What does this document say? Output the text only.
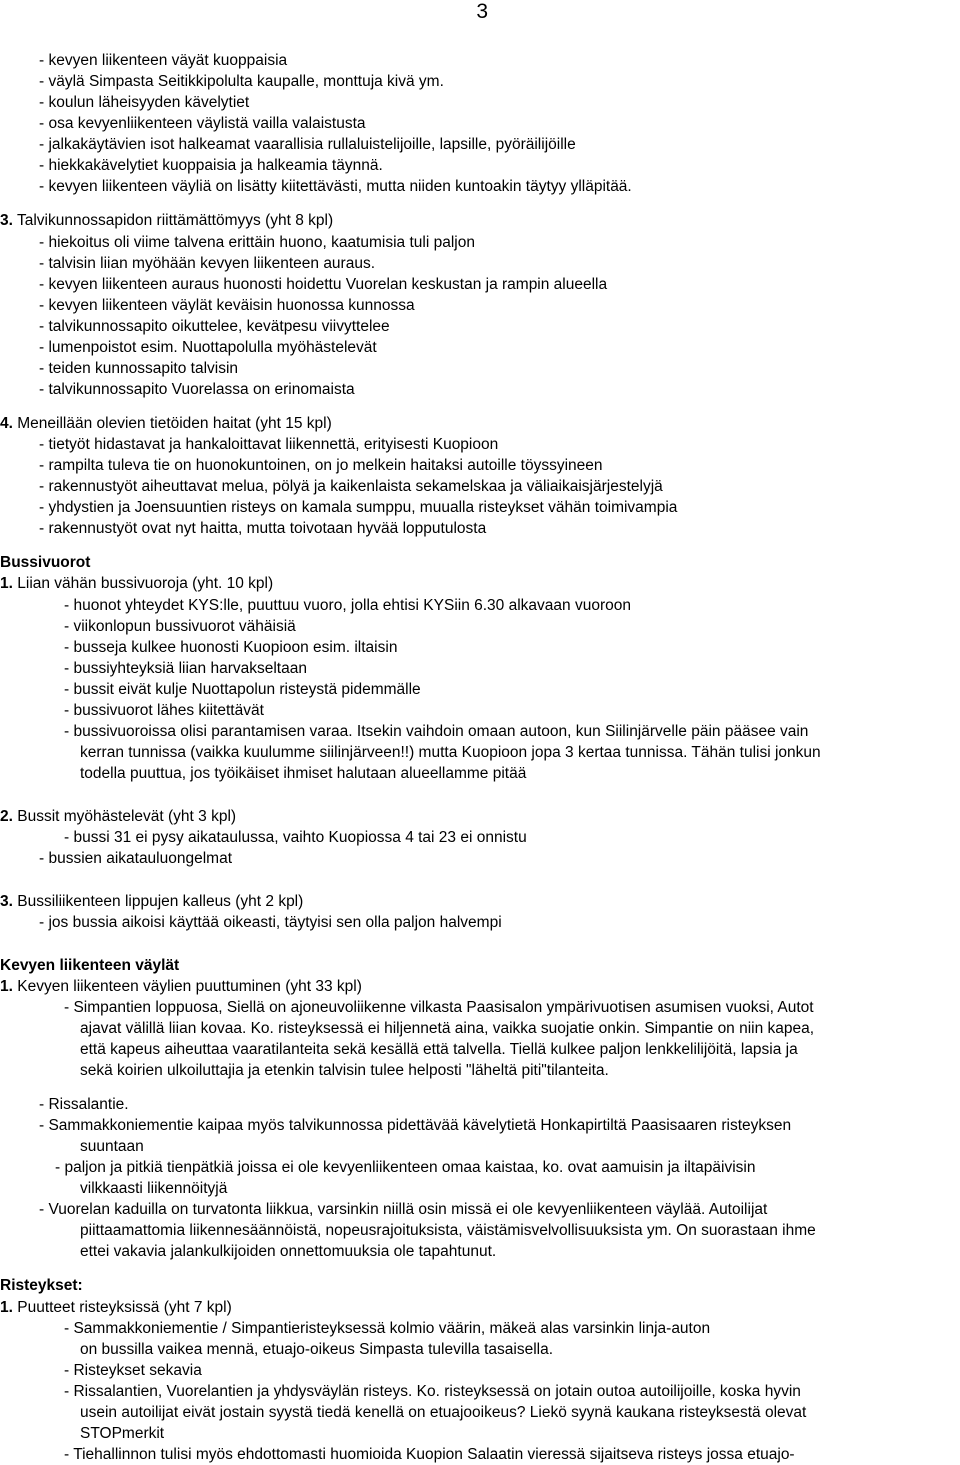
3
- kevyen liikenteen väyät kuoppaisia
- väylä Simpasta Seitikkipolulta kaupalle, monttuja kivä ym.
- koulun läheisyyden kävelytiet
- osa kevyenliikenteen väylistä vailla valaistusta
- jalkakäytävien isot halkeamat vaarallisia rullaluistelijoille, lapsille, pyöräilijöille
- hiekkakävelytiet kuoppaisia ja halkeamia täynnä.
- kevyen liikenteen väyliä on lisätty kiitettävästi, mutta niiden kuntoakin täytyy ylläpitää.
3. Talvikunnossapidon riittämättömyys (yht 8 kpl)
- hiekoitus oli viime talvena erittäin huono, kaatumisia tuli paljon
- talvisin liian myöhään kevyen liikenteen auraus.
- kevyen liikenteen auraus huonosti hoidettu Vuorelan keskustan ja rampin alueella
- kevyen liikenteen väylät keväisin huonossa kunnossa
- talvikunnossapito oikuttelee, kevätpesu viivyttelee
- lumenpoistot esim. Nuottapolulla myöhästelevät
- teiden kunnossapito talvisin
- talvikunnossapito Vuorelassa on erinomaista
4. Meneillään olevien tietöiden haitat (yht 15 kpl)
- tietyöt hidastavat ja hankaloittavat liikennettä, erityisesti Kuopioon
- rampilta tuleva tie on huonokuntoinen, on jo melkein haitaksi autoille töyssyineen
- rakennustyöt aiheuttavat melua, pölyä ja kaikenlaista sekamelskaa ja väliaikaisjärjestelyjä
- yhdystien ja Joensuuntien risteys on kamala sumppu, muualla risteykset vähän toimivampia
- rakennustyöt ovat nyt haitta, mutta toivotaan hyvää lopputulosta
Bussivuorot
1. Liian vähän bussivuoroja (yht. 10 kpl)
- huonot yhteydet KYS:lle, puuttuu vuoro, jolla ehtisi KYSiin 6.30 alkavaan vuoroon
- viikonlopun bussivuorot vähäisiä
- busseja kulkee huonosti Kuopioon esim. iltaisin
- bussiyhteyksiä liian harvakseltaan
- bussit eivät kulje Nuottapolun risteystä pidemmälle
- bussivuorot lähes kiitettävät
- bussivuoroissa olisi parantamisen varaa. Itsekin vaihdoin omaan autoon, kun Siilinjärvelle päin pääsee vain
kerran tunnissa (vaikka kuulumme siilinjärveen!!) mutta Kuopioon jopa 3 kertaa tunnissa. Tähän tulisi jonkun
todella puuttua, jos työikäiset ihmiset halutaan alueellamme pitää
2. Bussit myöhästelevät (yht 3 kpl)
- bussi 31 ei pysy aikataulussa, vaihto Kuopiossa 4 tai 23 ei onnistu
- bussien aikatauluongelmat
3. Bussiliikenteen lippujen kalleus (yht 2 kpl)
- jos bussia aikoisi käyttää oikeasti, täytyisi sen olla paljon halvempi
Kevyen liikenteen väylät
1. Kevyen liikenteen väylien puuttuminen (yht 33 kpl)
- Simpantien loppuosa, Siellä on ajoneuvoliikenne vilkasta Paasisalon ympärivuotisen asumisen vuoksi, Autot
ajavat välillä liian kovaa. Ko. risteyksessä ei hiljennetä aina, vaikka suojatie onkin. Simpantie on niin kapea,
että kapeus aiheuttaa vaaratilanteita sekä kesällä että talvella. Tiellä kulkee paljon lenkkelilijöitä, lapsia ja
sekä koirien ulkoiluttajia ja etenkin talvisin tulee helposti "läheltä piti"tilanteita.
- Rissalantie.
- Sammakkoniementie kaipaa myös talvikunnossa pidettävää kävelytietä Honkapirtiltä Paasisaaren risteyksen
suuntaan
- paljon ja pitkiä tienpätkiä joissa ei ole kevyenliikenteen omaa kaistaa, ko. ovat aamuisin ja iltapäivisin
vilkkaasti liikennöityjä
- Vuorelan kaduilla on turvatonta liikkua, varsinkin niillä osin missä ei ole kevyenliikenteen väylää. Autoilijat
piittaamattomia liikennesäännöistä, nopeusrajoituksista, väistämisvelvollisuuksista ym. On suorastaan ihme
ettei vakavia jalankulkijoiden onnettomuuksia ole tapahtunut.
Risteykset:
1. Puutteet risteyksissä (yht 7 kpl)
- Sammakkoniementie / Simpantieristeyksessä kolmio väärin, mäkeä alas varsinkin linja-auton
on bussilla vaikea mennä, etuajo-oikeus Simpasta tulevilla tasaisella.
- Risteykset sekavia
- Rissalantien, Vuorelantien ja yhdysväylän risteys. Ko. risteyksessä on jotain outoa autoilijoille, koska hyvin
usein autoilijat eivät jostain syystä tiedä kenellä on etuajooikeus? Liekö syynä kaukana risteyksestä olevat
STOPmerkit
- Tiehallinnon tulisi myös ehdottomasti huomioida Kuopion Salaatin vieressä sijaitseva risteys jossa etuajo-
